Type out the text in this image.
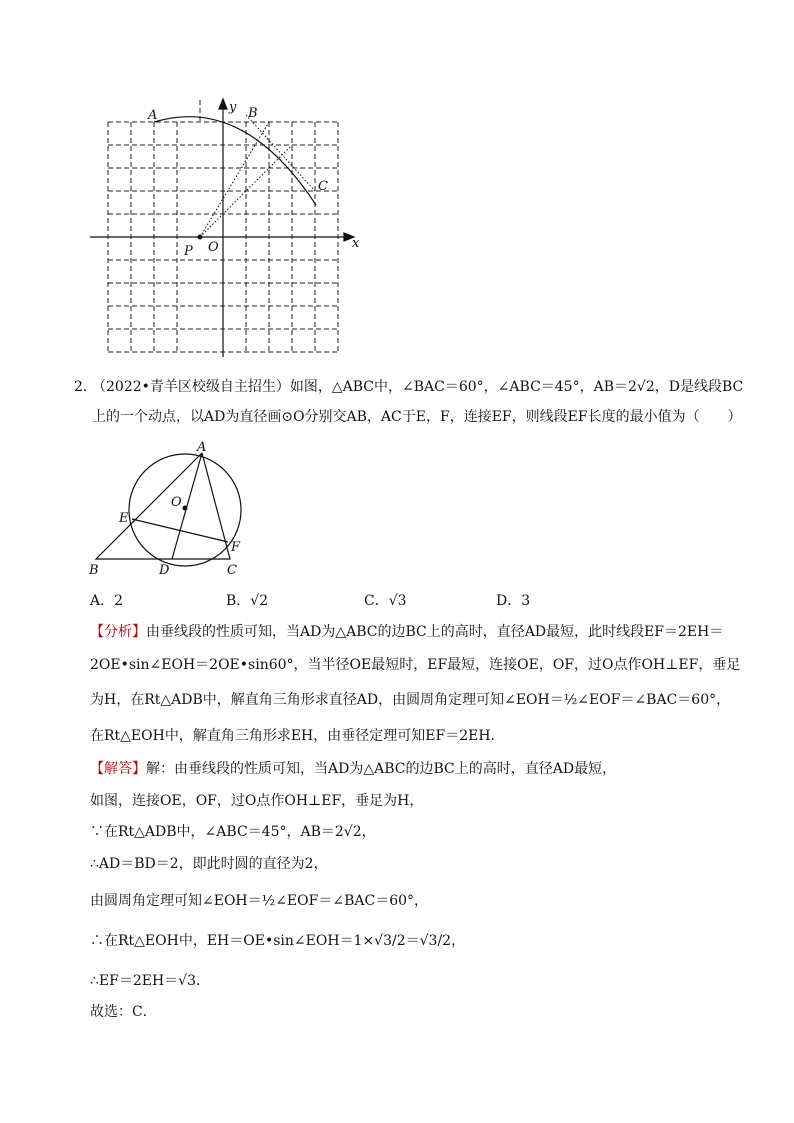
A	B
C
x
y
O
P
2．
（2022•青羊区校级自主招生）如图，△ABC中，∠BAC＝60°，∠ABC＝45°，AB＝2√2，D是线段BC
上的一个动点，以AD为直径画⊙O分别交AB，AC于E，F，连接EF，则线段EF长度的最小值为（　　）
A
B	C
D
E
F
O
A．2	B．√2	C．√3	D．3
【分析】由垂线段的性质可知，当AD为△ABC的边BC上的高时，直径AD最短，此时线段EF＝2EH＝
2OE•sin∠EOH＝2OE•sin60°，当半径OE最短时，EF最短，连接OE，OF，过O点作OH⊥EF，垂足
为H，在Rt△ADB中，解直角三角形求直径AD，由圆周角定理可知∠EOH＝½∠EOF＝∠BAC＝60°，
在Rt△EOH中，解直角三角形求EH，由垂径定理可知EF＝2EH．
【解答】解：由垂线段的性质可知，当AD为△ABC的边BC上的高时，直径AD最短，
如图，连接OE，OF，过O点作OH⊥EF，垂足为H，
∵在Rt△ADB中，∠ABC＝45°，AB＝2√2，
∴AD＝BD＝2，即此时圆的直径为2，
由圆周角定理可知∠EOH＝½∠EOF＝∠BAC＝60°，
∴在Rt△EOH中，EH＝OE•sin∠EOH＝1×√3/2＝√3/2，
∴EF＝2EH＝√3．
故选：C．
